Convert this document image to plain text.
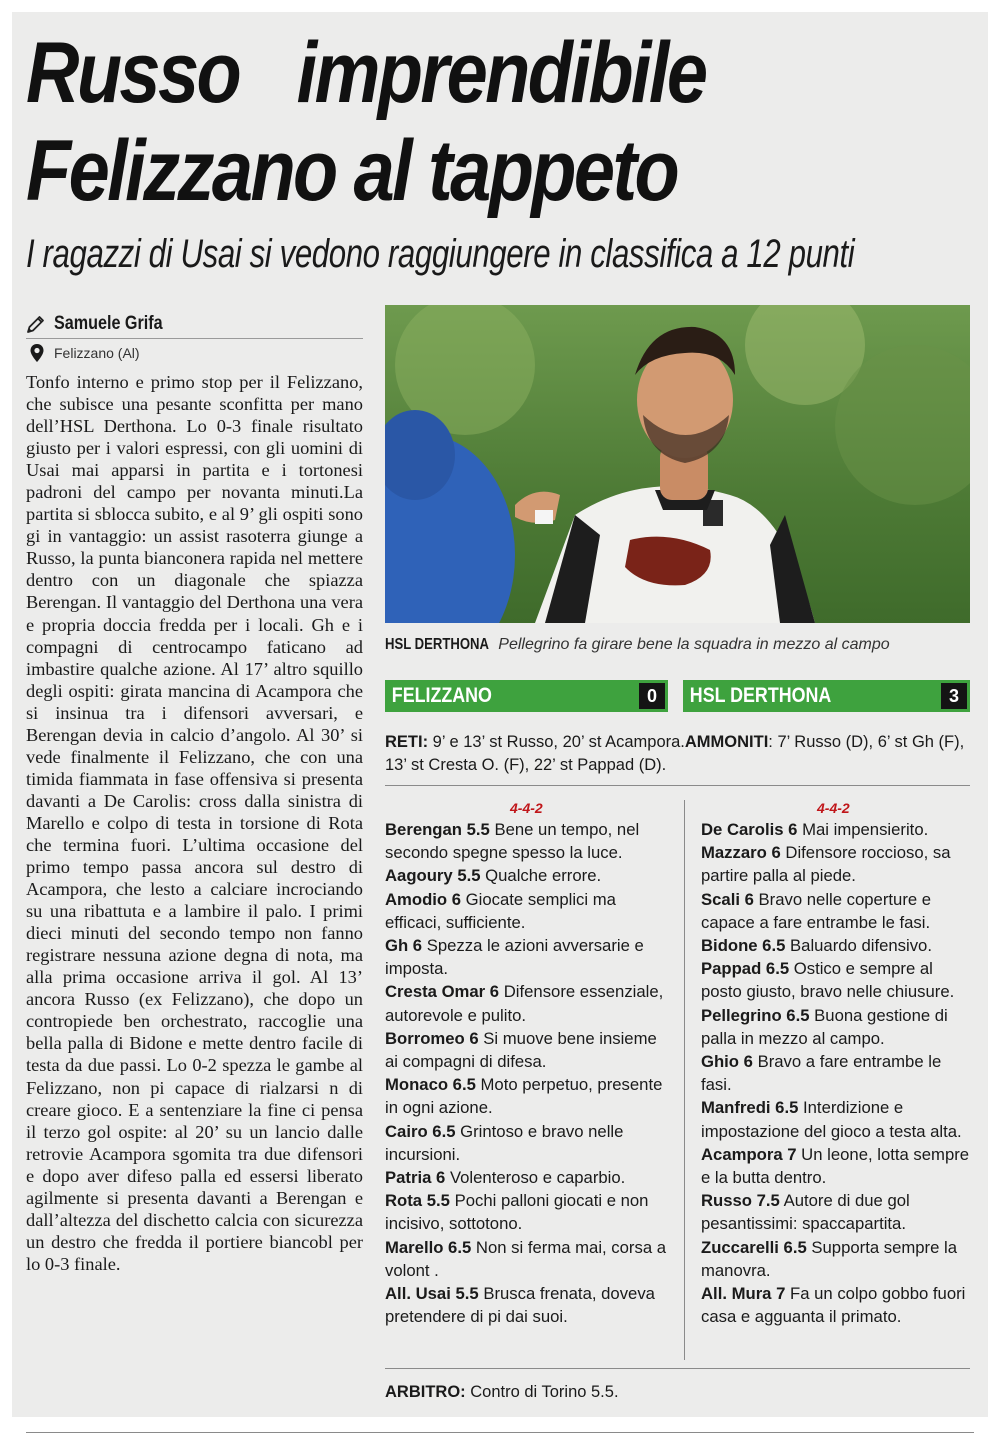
Russo imprendibile
Felizzano al tappeto
I ragazzi di Usai si vedono raggiungere in classifica a 12 punti
Samuele Grifa
Felizzano (Al)
Tonfo interno e primo stop per il Felizzano, che subisce una pesante sconfitta per mano dell’HSL Derthona. Lo 0-3 finale risultato giusto per i valori espressi, con gli uomini di Usai mai apparsi in partita e i tortonesi padroni del campo per novanta minuti.La partita si sblocca subito, e al 9’ gli ospiti sono gi in vantaggio: un assist rasoterra giunge a Russo, la punta bianconera rapida nel mettere dentro con un diagonale che spiazza Berengan. Il vantaggio del Derthona una vera e propria doccia fredda per i locali. Gh e i compagni di centrocampo faticano ad imbastire qualche azione. Al 17’ altro squillo degli ospiti: girata mancina di Acampora che si insinua tra i difensori avversari, e Berengan devia in calcio d’angolo. Al 30’ si vede finalmente il Felizzano, che con una timida fiammata in fase offensiva si presenta davanti a De Carolis: cross dalla sinistra di Marello e colpo di testa in torsione di Rota che termina fuori. L’ultima occasione del primo tempo passa ancora sul destro di Acampora, che lesto a calciare incrociando su una ribattuta e a lambire il palo. I primi dieci minuti del secondo tempo non fanno registrare nessuna azione degna di nota, ma alla prima occasione arriva il gol. Al 13’ ancora Russo (ex Felizzano), che dopo un contropiede ben orchestrato, raccoglie una bella palla di Bidone e mette dentro facile di testa da due passi. Lo 0-2 spezza le gambe al Felizzano, non pi capace di rialzarsi n di creare gioco. E a sentenziare la fine ci pensa il terzo gol ospite: al 20’ su un lancio dalle retrovie Acampora sgomita tra due difensori e dopo aver difeso palla ed essersi liberato agilmente si presenta davanti a Berengan e dall’altezza del dischetto calcia con sicurezza un destro che fredda il portiere biancobl per lo 0-3 finale.
HSL DERTHONA Pellegrino fa girare bene la squadra in mezzo al campo
FELIZZANO	0	HSL DERTHONA	3
RETI: 9’ e 13’ st Russo, 20’ st Acampora.AMMONITI: 7’ Russo (D), 6’ st Gh (F), 13’ st Cresta O. (F), 22’ st Pappad (D).
4-4-2	4-4-2
Berengan 5.5 Bene un tempo, nel secondo spegne spesso la luce.
Aagoury 5.5 Qualche errore.
Amodio 6 Giocate semplici ma efficaci, sufficiente.
Gh 6 Spezza le azioni avversarie e imposta.
Cresta Omar 6 Difensore essenziale, autorevole e pulito.
Borromeo 6 Si muove bene insieme ai compagni di difesa.
Monaco 6.5 Moto perpetuo, presente in ogni azione.
Cairo 6.5 Grintoso e bravo nelle incursioni.
Patria 6 Volenteroso e caparbio.
Rota 5.5 Pochi palloni giocati e non incisivo, sottotono.
Marello 6.5 Non si ferma mai, corsa a volont .
All. Usai 5.5 Brusca frenata, doveva pretendere di pi dai suoi.
De Carolis 6 Mai impensierito.
Mazzaro 6 Difensore roccioso, sa partire palla al piede.
Scali 6 Bravo nelle coperture e capace a fare entrambe le fasi.
Bidone 6.5 Baluardo difensivo.
Pappad 6.5 Ostico e sempre al posto giusto, bravo nelle chiusure.
Pellegrino 6.5 Buona gestione di palla in mezzo al campo.
Ghio 6 Bravo a fare entrambe le fasi.
Manfredi 6.5 Interdizione e impostazione del gioco a testa alta.
Acampora 7 Un leone, lotta sempre e la butta dentro.
Russo 7.5 Autore di due gol pesantissimi: spaccapartita.
Zuccarelli 6.5 Supporta sempre la manovra.
All. Mura 7 Fa un colpo gobbo fuori casa e agguanta il primato.
ARBITRO: Contro di Torino 5.5.
